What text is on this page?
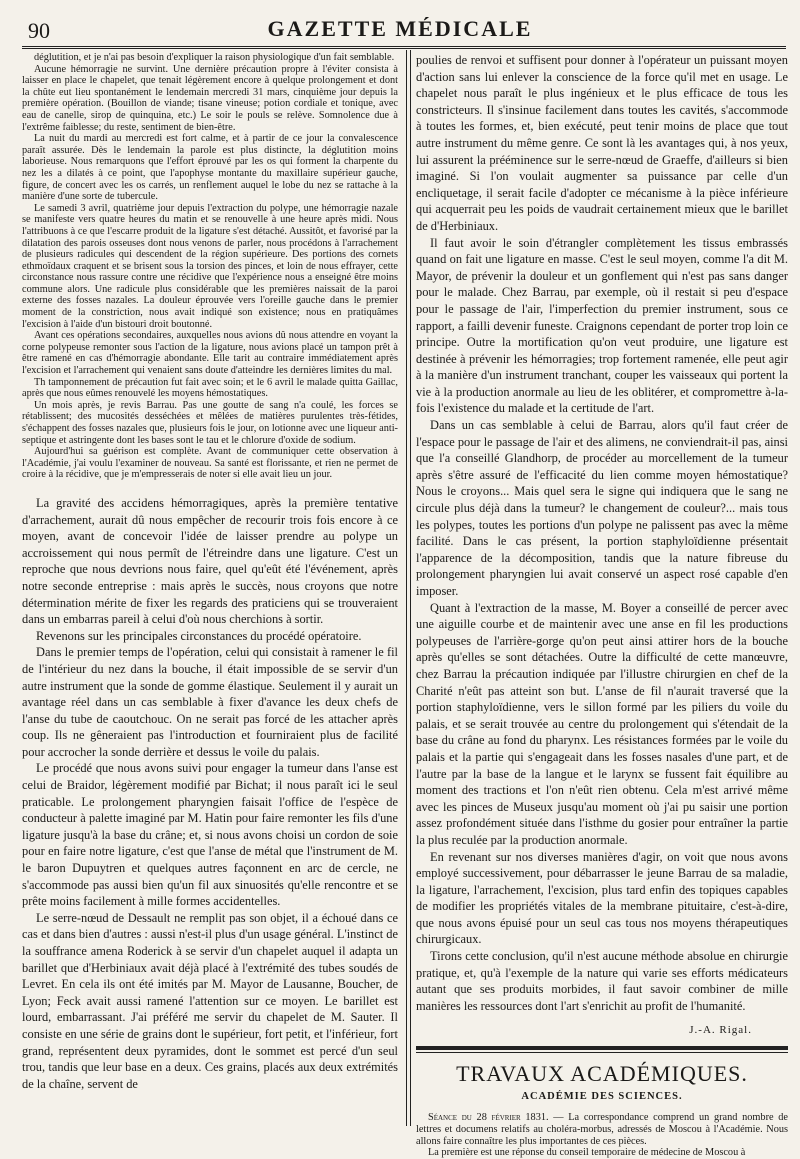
90	GAZETTE MÉDICALE

déglutition, et je n'ai pas besoin d'expliquer la raison physiologique d'un fait semblable.

Aucune hémorragie ne survint. Une dernière précaution propre à l'éviter consista à laisser en place le chapelet, que tenait légèrement encore à quelque prolongement et dont la chûte eut lieu spontanément le lendemain mercredi 31 mars, cinquième jour depuis la première opération. (Bouillon de viande; tisane vineuse; potion cordiale et tonique, avec eau de canelle, sirop de quinquina, etc.) Le soir le pouls se relève. Somnolence due à l'extrême faiblesse; du reste, sentiment de bien-être.

La nuit du mardi au mercredi est fort calme, et à partir de ce jour la convalescence paraît assurée. Dès le lendemain la parole est plus distincte, la déglutition moins laborieuse. Nous remarquons que l'effort éprouvé par les os qui forment la charpente du nez les a dilatés à ce point, que l'apophyse montante du maxillaire supérieur gauche, figure, de concert avec les os carrés, un renflement auquel le lobe du nez se rattache à la manière d'une sorte de tubercule.

Le samedi 3 avril, quatrième jour depuis l'extraction du polype, une hémorragie nazale se manifeste vers quatre heures du matin et se renouvelle à une heure après midi. Nous l'attribuons à ce que l'escarre produit de la ligature s'est détaché. Aussitôt, et favorisé par la dilatation des parois osseuses dont nous venons de parler, nous procédons à l'arrachement de plusieurs radicules qui descendent de la région supérieure. Des portions des cornets ethmoïdaux craquent et se brisent sous la torsion des pinces, et loin de nous effrayer, cette circonstance nous rassure contre une récidive que l'expérience nous a enseigné être moins commune alors. Une radicule plus considérable que les premières naissait de la paroi externe des fosses nazales. La douleur éprouvée vers l'oreille gauche dans le premier moment de la constriction, nous avait indiqué son existence; nous en pratiquâmes l'excision à l'aide d'un bistouri droit boutonné.

Avant ces opérations secondaires, auxquelles nous avions dû nous attendre en voyant la corne polypeuse remonter sous l'action de la ligature, nous avions placé un tampon prêt à être ramené en cas d'hémorragie abondante. Elle tarit au contraire immédiatement après l'excision et l'arrachement qui venaient sans doute d'atteindre les dernières limites du mal.

Th tamponnement de précaution fut fait avec soin; et le 6 avril le malade quitta Gaillac, après que nous eûmes renouvelé les moyens hémostatiques.

Un mois après, je revis Barrau. Pas une goutte de sang n'a coulé, les forces se rétablissent; des mucosités desséchées et mêlées de matières purulentes très-fétides, s'échappent des fosses nazales que, plusieurs fois le jour, on lotionne avec une liqueur anti-septique et astringente dont les bases sont le tau et le chlorure d'oxide de sodium.

Aujourd'hui sa guérison est complète. Avant de communiquer cette observation à l'Académie, j'ai voulu l'examiner de nouveau. Sa santé est florissante, et rien ne permet de croire à la récidive, que je m'empresserais de noter si elle avait lieu un jour.

La gravité des accidens hémorragiques, après la première tentative d'arrachement, aurait dû nous empêcher de recourir trois fois encore à ce moyen, avant de concevoir l'idée de laisser prendre au polype un accroissement qui nous permît de l'étreindre dans une ligature. C'est un reproche que nous devrions nous faire, quel qu'eût été l'événement, après notre seconde entreprise : mais après le succès, nous croyons que notre détermination mérite de fixer les regards des praticiens qui se trouveraient dans un embarras pareil à celui d'où nous cherchions à sortir.

Revenons sur les principales circonstances du procédé opératoire.

Dans le premier temps de l'opération, celui qui consistait à ramener le fil de l'intérieur du nez dans la bouche, il était impossible de se servir d'un autre instrument que la sonde de gomme élastique. Seulement il y aurait un avantage réel dans un cas semblable à fixer d'avance les deux chefs de l'anse du tube de caoutchouc. On ne serait pas forcé de les attacher après coup. Ils ne gêneraient pas l'introduction et fourniraient plus de facilité pour accrocher la sonde derrière et dessus le voile du palais.

Le procédé que nous avons suivi pour engager la tumeur dans l'anse est celui de Braidor, légèrement modifié par Bichat; il nous paraît ici le seul praticable. Le prolongement pharyngien faisait l'office de l'espèce de conducteur à palette imaginé par M. Hatin pour faire remonter les fils d'une ligature jusqu'à la base du crâne; et, si nous avons choisi un cordon de soie pour en faire notre ligature, c'est que l'anse de métal que l'instrument de M. le baron Dupuytren et quelques autres façonnent en arc de cercle, ne s'accommode pas aussi bien qu'un fil aux sinuosités qu'elle rencontre et se prête moins facilement à mille formes accidentelles.

Le serre-nœud de Dessault ne remplit pas son objet, il a échoué dans ce cas et dans bien d'autres : aussi n'est-il plus d'un usage général. L'instinct de la souffrance amena Roderick à se servir d'un chapelet auquel il adapta un barillet que d'Herbiniaux avait déjà placé à l'extrémité des tubes soudés de Levret. En cela ils ont été imités par M. Mayor de Lausanne, Boucher, de Lyon; Feck avait aussi ramené l'attention sur ce moyen. Le barillet est lourd, embarrassant. J'ai préféré me servir du chapelet de M. Sauter. Il consiste en une série de grains dont le supérieur, fort petit, et l'inférieur, fort grand, représentent deux pyramides, dont le sommet est percé d'un seul trou, tandis que leur base en a deux. Ces grains, placés aux deux extrémités de la chaîne, servent de

poulies de renvoi et suffisent pour donner à l'opérateur un puissant moyen d'action sans lui enlever la conscience de la force qu'il met en usage. Le chapelet nous paraît le plus ingénieux et le plus efficace de tous les constricteurs. Il s'insinue facilement dans toutes les cavités, s'accommode à toutes les formes, et, bien exécuté, peut tenir moins de place que tout autre instrument du même genre. Ce sont là les avantages qui, à nos yeux, lui assurent la prééminence sur le serre-nœud de Graeffe, d'ailleurs si bien imaginé. Si l'on voulait augmenter sa puissance par celle d'un encliquetage, il serait facile d'adopter ce mécanisme à la pièce inférieure qui acquerrait peu les poids de vaudrait certainement mieux que le barillet de d'Herbiniaux.

Il faut avoir le soin d'étrangler complètement les tissus embrassés quand on fait une ligature en masse. C'est le seul moyen, comme l'a dit M. Mayor, de prévenir la douleur et un gonflement qui n'est pas sans danger pour le malade. Chez Barrau, par exemple, où il restait si peu d'espace pour le passage de l'air, l'imperfection du premier instrument, sous ce rapport, a failli devenir funeste. Craignons cependant de porter trop loin ce principe. Outre la mortification qu'on veut produire, une ligature est destinée à prévenir les hémorragies; trop fortement ramenée, elle peut agir à la manière d'un instrument tranchant, couper les vaisseaux qui portent la vie à la production anormale au lieu de les oblitérer, et compromettre à-la-fois l'existence du malade et la certitude de l'art.

Dans un cas semblable à celui de Barrau, alors qu'il faut créer de l'espace pour le passage de l'air et des alimens, ne conviendrait-il pas, ainsi que l'a conseillé Glandhorp, de procéder au morcellement de la tumeur après s'être assuré de l'efficacité du lien comme moyen hémostatique? Nous le croyons... Mais quel sera le signe qui indiquera que le sang ne circule plus déjà dans la tumeur? le changement de couleur?... mais tous les polypes, toutes les portions d'un polype ne palissent pas avec la même facilité. Dans le cas présent, la portion staphyloïdienne présentait l'apparence de la décomposition, tandis que la nature fibreuse du prolongement pharyngien lui avait conservé un aspect rosé capable d'en imposer.

Quant à l'extraction de la masse, M. Boyer a conseillé de percer avec une aiguille courbe et de maintenir avec une anse en fil les productions polypeuses de l'arrière-gorge qu'on peut ainsi attirer hors de la bouche après qu'elles se sont détachées. Outre la difficulté de cette manœuvre, chez Barrau la précaution indiquée par l'illustre chirurgien en chef de la Charité n'eût pas atteint son but. L'anse de fil n'aurait traversé que la portion staphyloïdienne, vers le sillon formé par les piliers du voile du palais, et se serait trouvée au centre du prolongement qui s'étendait de la base du crâne au fond du pharynx. Les résistances formées par le voile du palais et la partie qui s'engageait dans les fosses nasales d'une part, et de l'autre par la base de la langue et le larynx se fussent fait équilibre au moment des tractions et l'on n'eût rien obtenu. Cela m'est arrivé même avec les pinces de Museux jusqu'au moment où j'ai pu saisir une portion assez profondément située dans l'isthme du gosier pour entraîner la partie la plus reculée par la production anormale.

En revenant sur nos diverses manières d'agir, on voit que nous avons employé successivement, pour débarrasser le jeune Barrau de sa maladie, la ligature, l'arrachement, l'excision, plus tard enfin des topiques capables de modifier les propriétés vitales de la membrane pituitaire, c'est-à-dire, que nous avons épuisé pour un seul cas tous nos moyens thérapeutiques chirurgicaux.

Tirons cette conclusion, qu'il n'est aucune méthode absolue en chirurgie pratique, et, qu'à l'exemple de la nature qui varie ses efforts médicateurs autant que ses produits morbides, il faut savoir combiner de mille manières les ressources dont l'art s'enrichit au profit de l'humanité.

J.-A. Rigal.
TRAVAUX ACADÉMIQUES.
ACADÉMIE DES SCIENCES.

Séance du 28 février 1831. — La correspondance comprend un grand nombre de lettres et documens relatifs au choléra-morbus, adressés de Moscou à l'Académie. Nous allons faire connaître les plus importantes de ces pièces.

La première est une réponse du conseil temporaire de médecine de Moscou à
